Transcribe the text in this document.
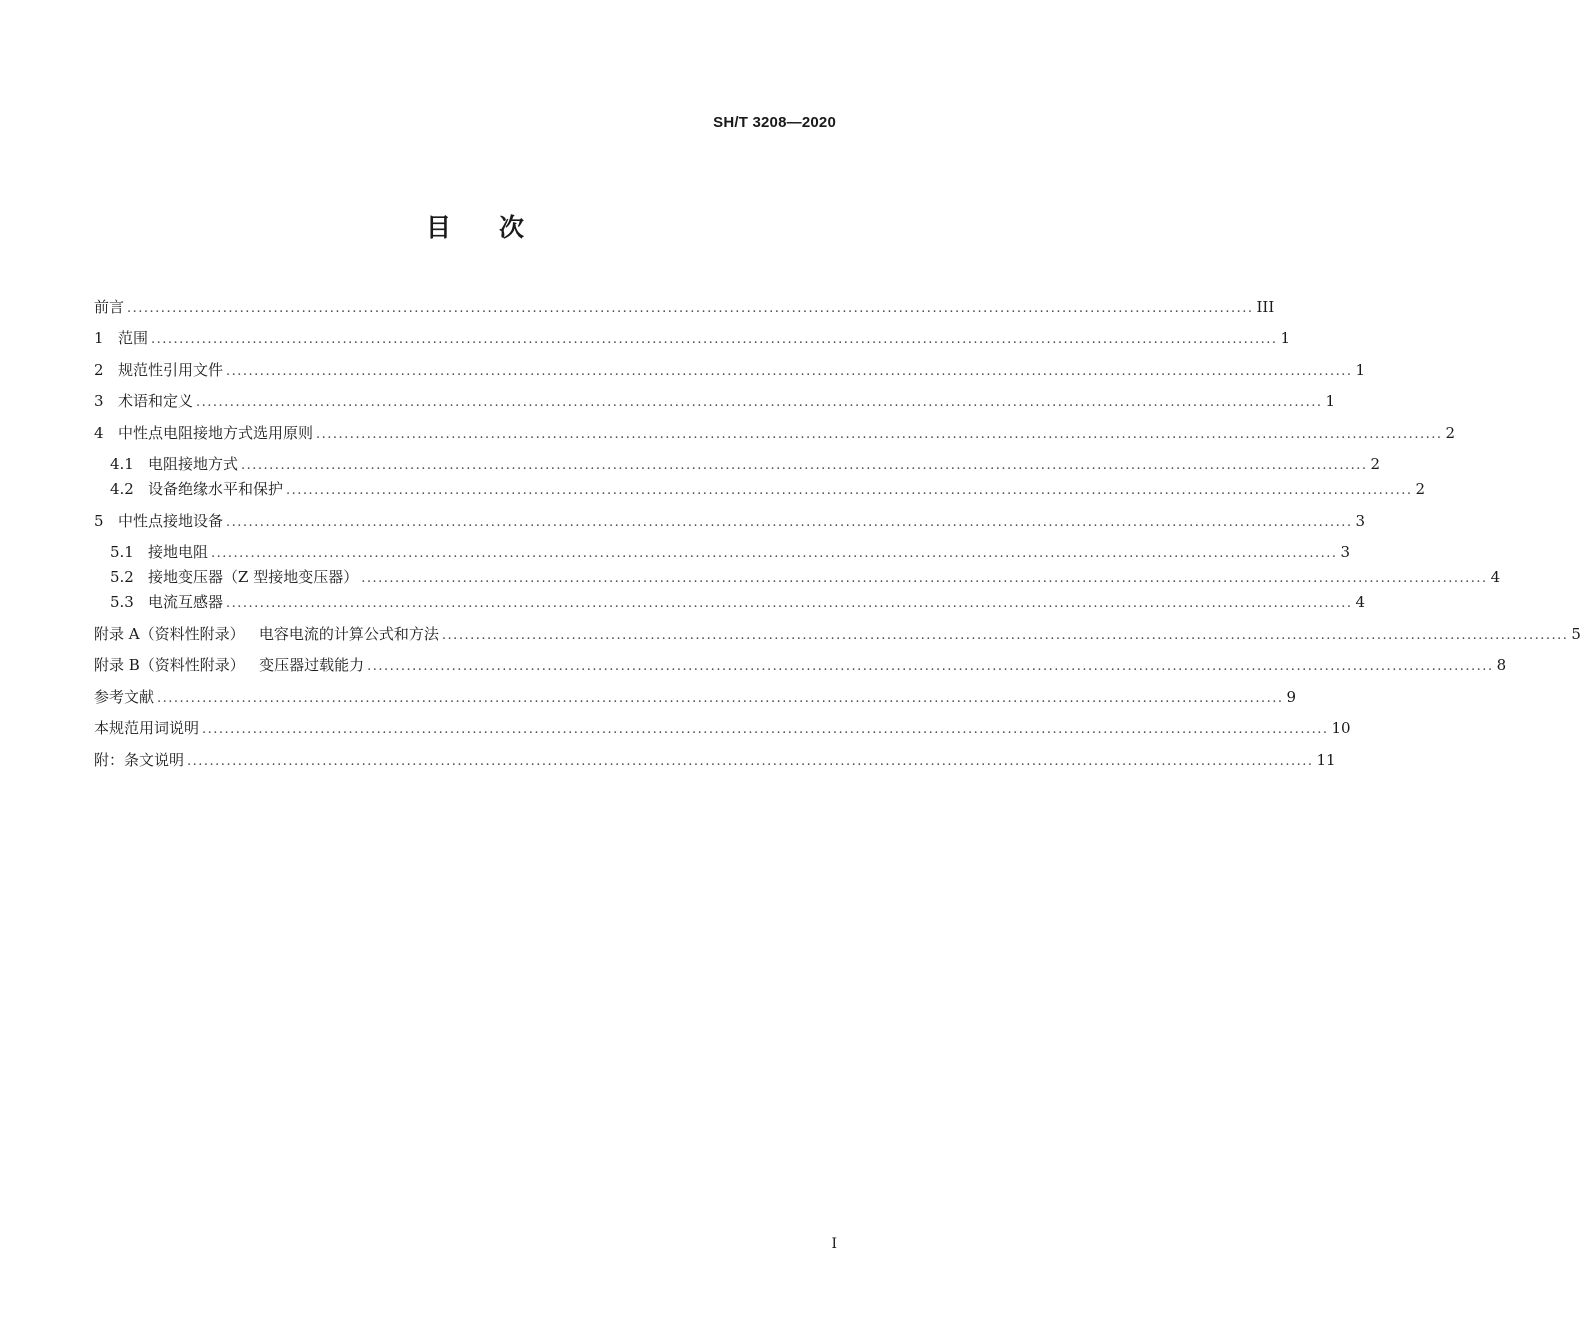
SH/T 3208—2020
目次
前言 ........................................................................................................................................................................................................ III
1 范围 ........................................................................................................................................................................................................ 1
2 规范性引用文件 ........................................................................................................................................................................................................ 1
3 术语和定义 ........................................................................................................................................................................................................ 1
4 中性点电阻接地方式选用原则 ........................................................................................................................................................................................................ 2
4.1 电阻接地方式 ........................................................................................................................................................................................................ 2
4.2 设备绝缘水平和保护 ........................................................................................................................................................................................................ 2
5 中性点接地设备 ........................................................................................................................................................................................................ 3
5.1 接地电阻 ........................................................................................................................................................................................................ 3
5.2 接地变压器（Z 型接地变压器） ........................................................................................................................................................................................................ 4
5.3 电流互感器 ........................................................................................................................................................................................................ 4
附录 A（资料性附录）   电容电流的计算公式和方法 ........................................................................................................................................................................................................ 5
附录 B（资料性附录）   变压器过载能力 ........................................................................................................................................................................................................ 8
参考文献 ........................................................................................................................................................................................................ 9
本规范用词说明 ........................................................................................................................................................................................................ 10
附：条文说明 ........................................................................................................................................................................................................ 11
I
